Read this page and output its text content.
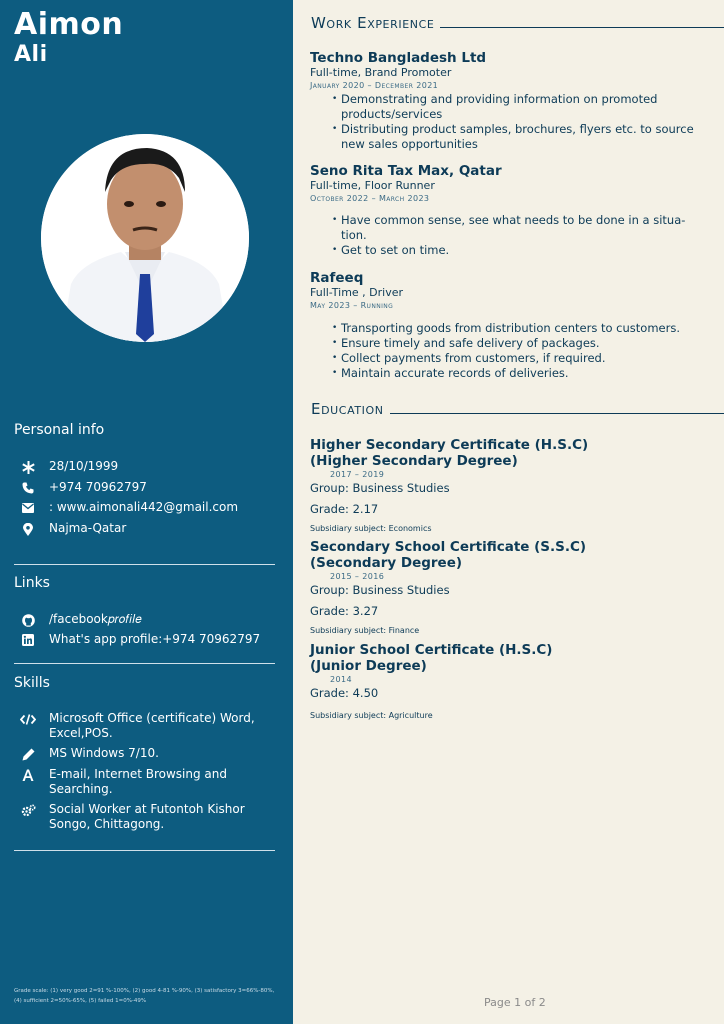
Aimon
Ali
Personal info
28/10/1999
+974 70962797
: www.aimonali442@gmail.com
Najma-Qatar
Links
/facebook𝑝𝑟𝑜𝑓𝑖𝑙𝑒
What's app profile:+974 70962797
Skills
Microsoft Office (certificate) Word, Excel,POS.
MS Windows 7/10.
E-mail, Internet Browsing and Searching.
Social Worker at Futontoh Kishor Songo, Chittagong.
Grade scale: (1) very good 2=91 %-100%, (2) good 4-81 %-90%, (3) satisfactory 3=66%-80%, (4) sufficient 2=50%-65%, (5) failed 1=0%-49%
Work Experience
Techno Bangladesh Ltd
Full-time, Brand Promoter
January 2020 – December 2021
• Demonstrating and providing information on promoted products/services
• Distributing product samples, brochures, flyers etc. to source new sales opportunities
Seno Rita Tax Max, Qatar
Full-time, Floor Runner
October 2022 – March 2023
• Have common sense, see what needs to be done in a situa-tion.
• Get to set on time.
Rafeeq
Full-Time , Driver
May 2023 – Running
• Transporting goods from distribution centers to customers.
• Ensure timely and safe delivery of packages.
• Collect payments from customers, if required.
• Maintain accurate records of deliveries.
Education
Higher Secondary Certificate (H.S.C)
(Higher Secondary Degree)
2017 – 2019
Group: Business Studies
Grade: 2.17
Subsidiary subject: Economics
Secondary School Certificate (S.S.C)
(Secondary Degree)
2015 – 2016
Group: Business Studies
Grade: 3.27
Subsidiary subject: Finance
Junior School Certificate (H.S.C)
(Junior Degree)
2014
Grade: 4.50
Subsidiary subject: Agriculture
Page 1 of 2
